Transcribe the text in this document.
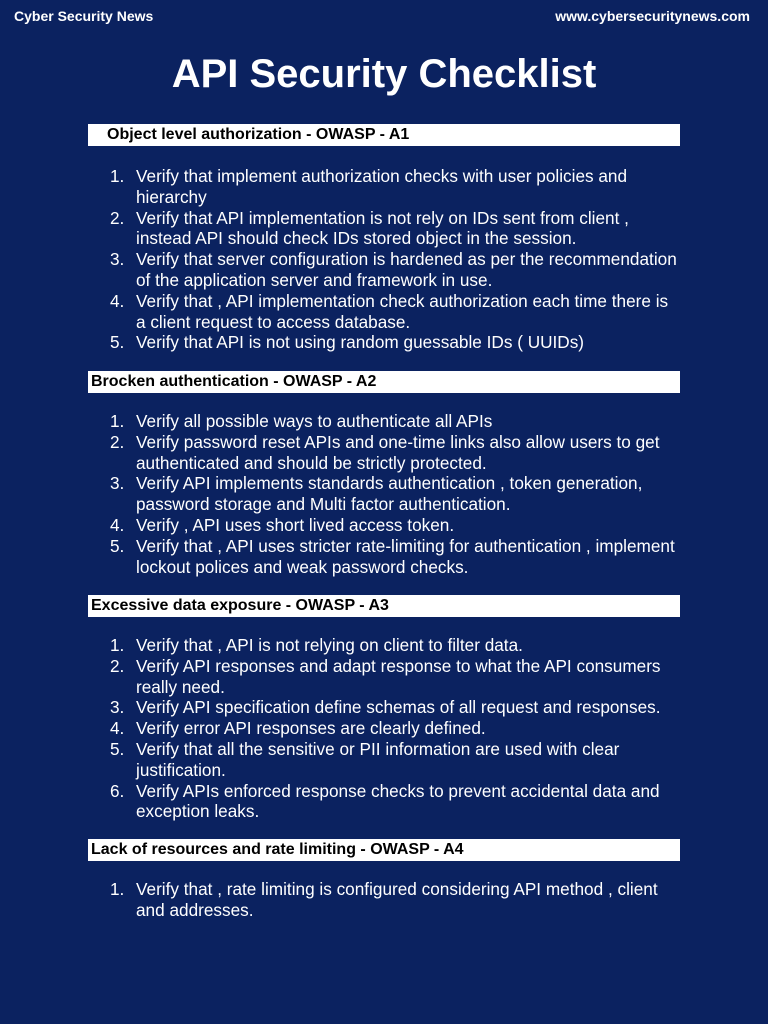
Cyber Security News	www.cybersecuritynews.com
API Security Checklist
Object level authorization - OWASP - A1
1. Verify that implement authorization checks with user policies and hierarchy
2. Verify that API implementation is not rely on IDs sent from client , instead API should check IDs stored object in the session.
3. Verify that server configuration is hardened as per the recommendation of the application server and framework in use.
4. Verify that , API implementation check authorization each time there is a client request to access database.
5. Verify that API is not using random guessable IDs ( UUIDs)
Brocken authentication - OWASP - A2
1. Verify all possible ways to authenticate all APIs
2. Verify password reset APIs and one-time links also allow users to get authenticated and should be strictly protected.
3. Verify API implements standards authentication , token generation, password storage and Multi factor authentication.
4. Verify , API uses short lived access token.
5. Verify that , API uses stricter rate-limiting for authentication , implement lockout polices and weak password checks.
Excessive data exposure - OWASP - A3
1. Verify that , API is not relying on client to filter data.
2. Verify API responses and adapt response to what the API consumers really need.
3. Verify API specification define schemas of all request and responses.
4. Verify error API responses are clearly defined.
5. Verify that all the sensitive or PII information are used with clear justification.
6. Verify APIs enforced response checks to prevent accidental data and exception leaks.
Lack of resources and rate limiting - OWASP - A4
1. Verify that , rate limiting is configured considering API method , client and addresses.
